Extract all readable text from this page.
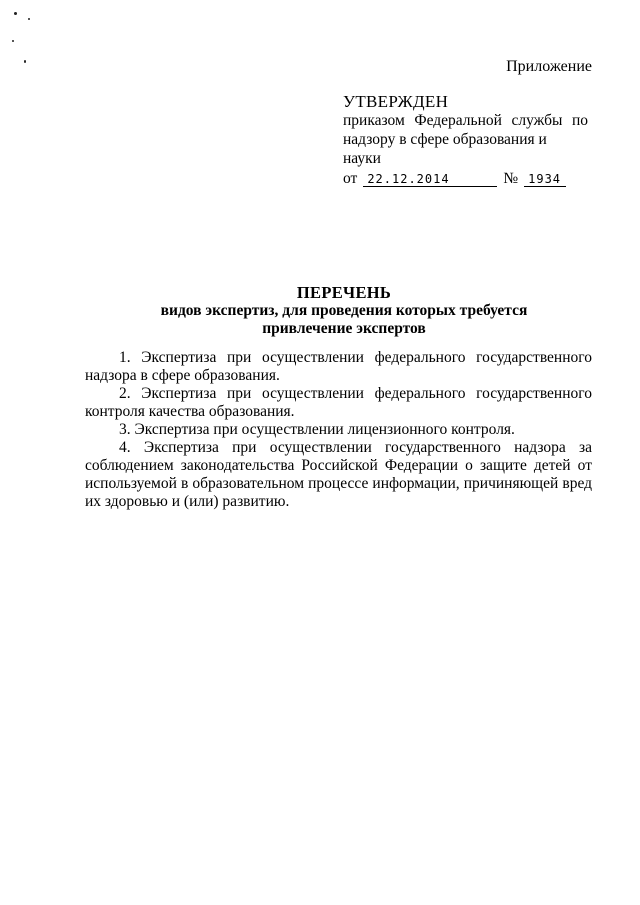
Приложение
УТВЕРЖДЕН
приказом Федеральной службы по
надзору в сфере образования и науки
от 22.12.2014	№ 1934
ПЕРЕЧЕНЬ
видов экспертиз, для проведения которых требуется
привлечение экспертов

1. Экспертиза при осуществлении федерального государственного надзора в сфере образования.

2. Экспертиза при осуществлении федерального государственного контроля качества образования.

3. Экспертиза при осуществлении лицензионного контроля.

4. Экспертиза при осуществлении государственного надзора за соблюдением законодательства Российской Федерации о защите детей от используемой в образовательном процессе информации, причиняющей вред их здоровью и (или) развитию.
